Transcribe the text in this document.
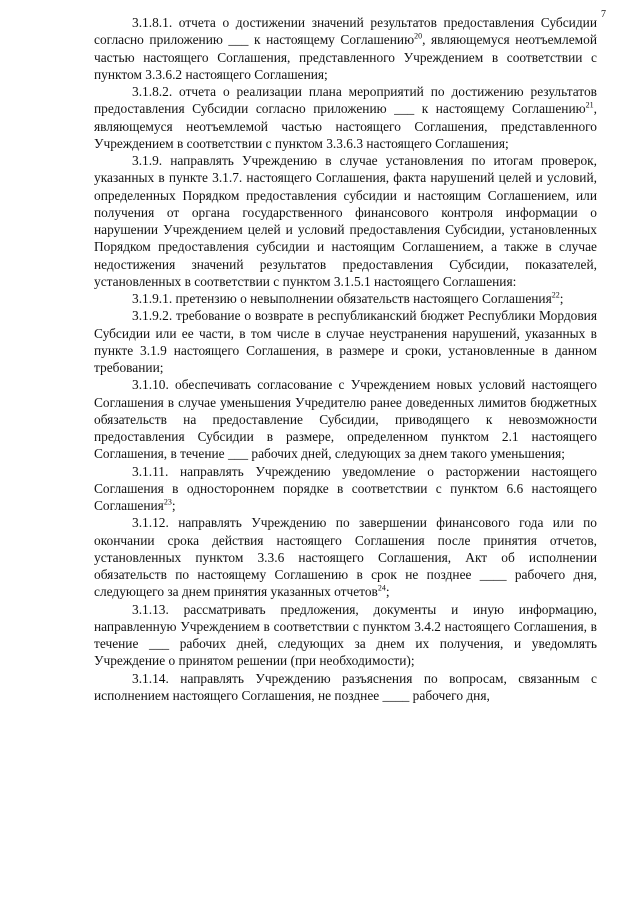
7

3.1.8.1. отчета о достижении значений результатов предоставления Субсидии согласно приложению ___ к настоящему Соглашению$^{20}$, являющемуся неотъемлемой частью настоящего Соглашения, представленного Учреждением в соответствии с пунктом 3.3.6.2 настоящего Соглашения;

3.1.8.2. отчета о реализации плана мероприятий по достижению результатов предоставления Субсидии согласно приложению ___ к настоящему Соглашению$^{21}$, являющемуся неотъемлемой частью настоящего Соглашения, представленного Учреждением в соответствии с пунктом 3.3.6.3 настоящего Соглашения;

3.1.9. направлять Учреждению в случае установления по итогам проверок, указанных в пункте 3.1.7. настоящего Соглашения, факта нарушений целей и условий, определенных Порядком предоставления субсидии и настоящим Соглашением, или получения от органа государственного финансового контроля информации о нарушении Учреждением целей и условий предоставления Субсидии, установленных Порядком предоставления субсидии и настоящим Соглашением, а также в случае недостижения значений результатов предоставления Субсидии, показателей, установленных в соответствии с пунктом 3.1.5.1 настоящего Соглашения:

3.1.9.1. претензию о невыполнении обязательств настоящего Соглашения$^{22}$;

3.1.9.2. требование о возврате в республиканский бюджет Республики Мордовия Субсидии или ее части, в том числе в случае неустранения нарушений, указанных в пункте 3.1.9 настоящего Соглашения, в размере и сроки, установленные в данном требовании;

3.1.10. обеспечивать согласование с Учреждением новых условий настоящего Соглашения в случае уменьшения Учредителю ранее доведенных лимитов бюджетных обязательств на предоставление Субсидии, приводящего к невозможности предоставления Субсидии в размере, определенном пунктом 2.1 настоящего Соглашения, в течение ___ рабочих дней, следующих за днем такого уменьшения;

3.1.11. направлять Учреждению уведомление о расторжении настоящего Соглашения в одностороннем порядке в соответствии с пунктом 6.6 настоящего Соглашения$^{23}$;

3.1.12. направлять Учреждению по завершении финансового года или по окончании срока действия настоящего Соглашения после принятия отчетов, установленных пунктом 3.3.6 настоящего Соглашения, Акт об исполнении обязательств по настоящему Соглашению в срок не позднее ____ рабочего дня, следующего за днем принятия указанных отчетов$^{24}$;

3.1.13. рассматривать предложения, документы и иную информацию, направленную Учреждением в соответствии с пунктом 3.4.2 настоящего Соглашения, в течение ___ рабочих дней, следующих за днем их получения, и уведомлять Учреждение о принятом решении (при необходимости);

3.1.14. направлять Учреждению разъяснения по вопросам, связанным с исполнением настоящего Соглашения, не позднее ____ рабочего дня,
